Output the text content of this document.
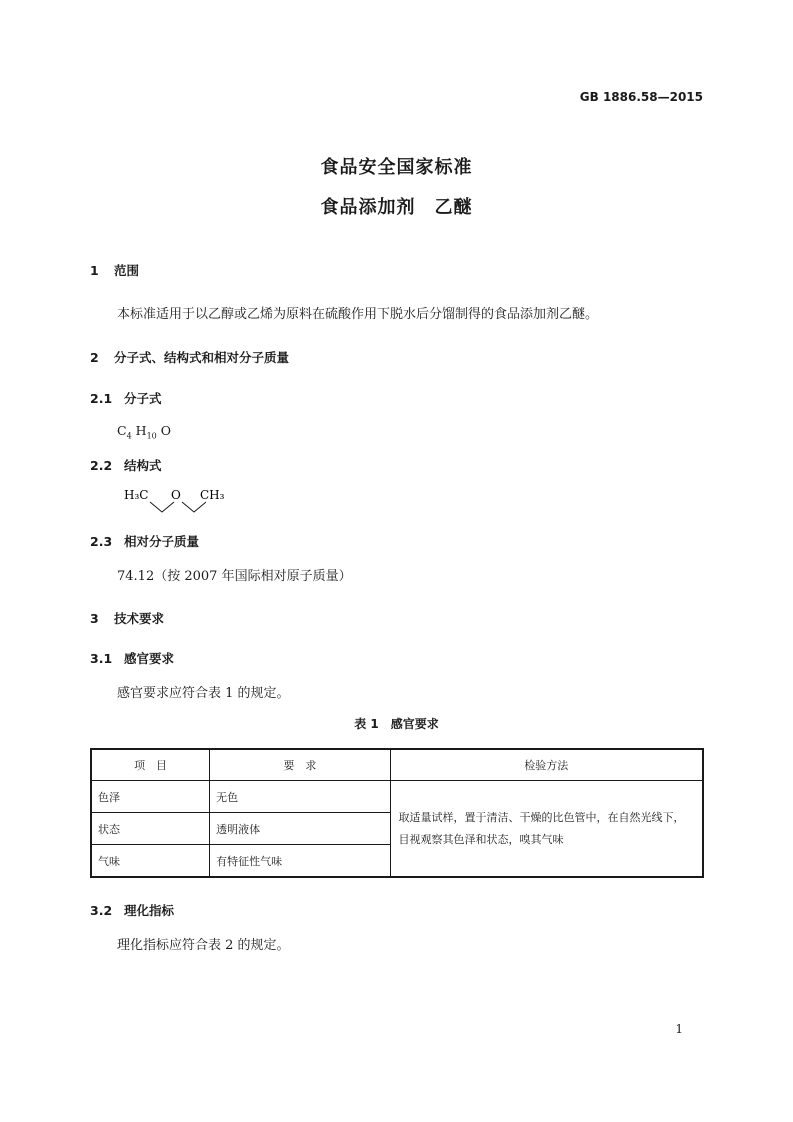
GB 1886.58—2015
食品安全国家标准
食品添加剂　乙醚
1 范围
本标准适用于以乙醇或乙烯为原料在硫酸作用下脱水后分馏制得的食品添加剂乙醚。
2 分子式、结构式和相对分子质量
2.1 分子式
$C_4$ $H_{10}$ O
2.2 结构式
H₃C O CH₃
2.3 相对分子质量
74.12（按 2007 年国际相对原子质量）
3 技术要求
3.1 感官要求
感官要求应符合表 1 的规定。
表 1　感官要求
项　目	要　求	检验方法
色泽	无色	取适量试样，置于清洁、干燥的比色管中，在自然光线下，目视观察其色泽和状态，嗅其气味
状态	透明液体	
气味	有特征性气味	
3.2 理化指标
理化指标应符合表 2 的规定。
1
